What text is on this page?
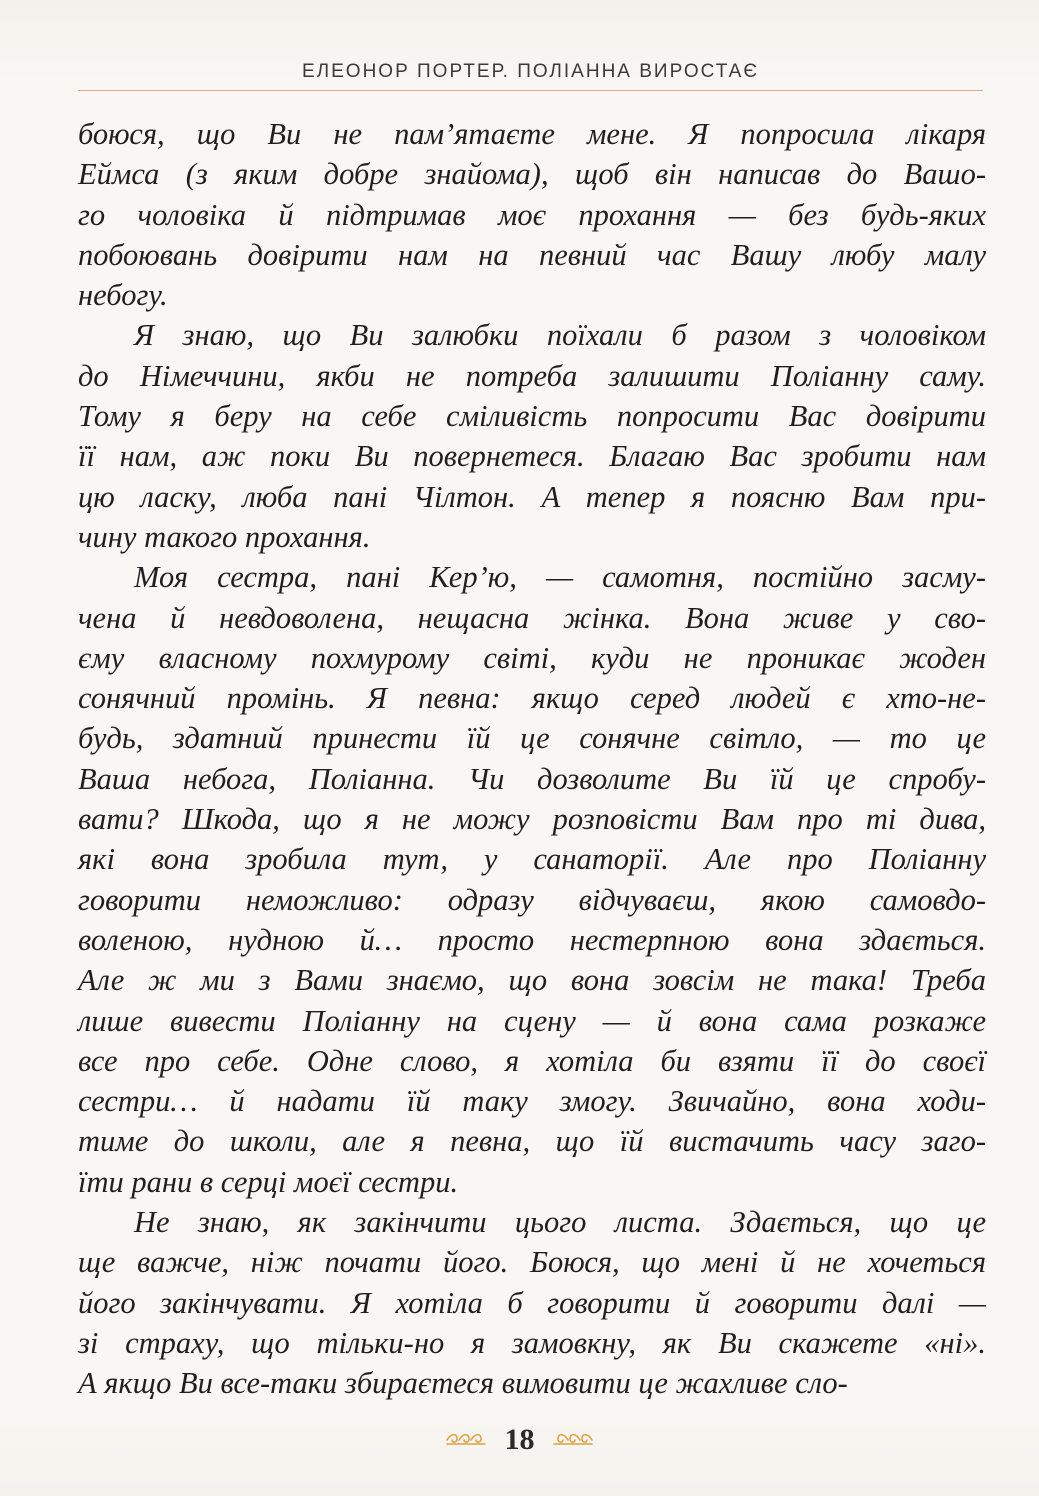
ЕЛЕОНОР ПОРТЕР. ПОЛІАННА ВИРОСТАЄ
боюся, що Ви не пам’ятаєте мене. Я попросила лікаря
Еймса (з яким добре знайома), щоб він написав до Вашо-
го чоловіка й підтримав моє прохання — без будь-яких
побоювань довірити нам на певний час Вашу любу малу
небогу.
Я знаю, що Ви залюбки поїхали б разом з чоловіком
до Німеччини, якби не потреба залишити Поліанну саму.
Тому я беру на себе сміливість попросити Вас довірити
її нам, аж поки Ви повернетеся. Благаю Вас зробити нам
цю ласку, люба пані Чілтон. А тепер я поясню Вам при-
чину такого прохання.
Моя сестра, пані Кер’ю, — самотня, постійно засму-
чена й невдоволена, нещасна жінка. Вона живе у сво-
єму власному похмурому світі, куди не проникає жоден
сонячний промінь. Я певна: якщо серед людей є хто-не-
будь, здатний принести їй це сонячне світло, — то це
Ваша небога, Поліанна. Чи дозволите Ви їй це спробу-
вати? Шкода, що я не можу розповісти Вам про ті дива,
які вона зробила тут, у санаторії. Але про Поліанну
говорити неможливо: одразу відчуваєш, якою самовдо-
воленою, нудною й… просто нестерпною вона здається.
Але ж ми з Вами знаємо, що вона зовсім не така! Треба
лише вивести Поліанну на сцену — й вона сама розкаже
все про себе. Одне слово, я хотіла би взяти її до своєї
сестри… й надати їй таку змогу. Звичайно, вона ходи-
тиме до школи, але я певна, що їй вистачить часу заго-
їти рани в серці моєї сестри.
Не знаю, як закінчити цього листа. Здається, що це
ще важче, ніж почати його. Боюся, що мені й не хочеться
його закінчувати. Я хотіла б говорити й говорити далі —
зі страху, що тільки-но я замовкну, як Ви скажете «ні».
А якщо Ви все-таки збираєтеся вимовити це жахливе сло-
18
